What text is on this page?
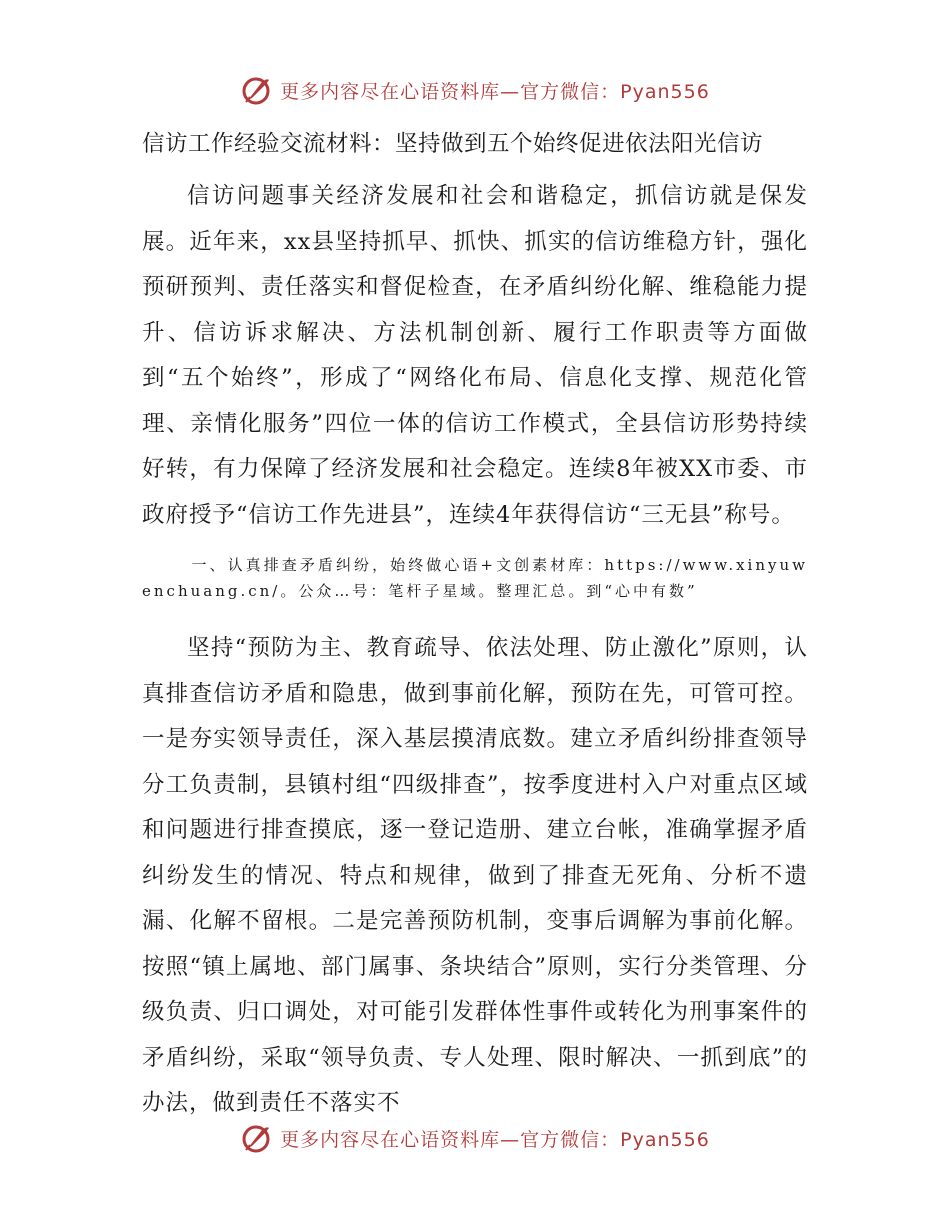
更多内容尽在心语资料库—官方微信：Pyan556
信访工作经验交流材料：坚持做到五个始终促进依法阳光信访

信访问题事关经济发展和社会和谐稳定，抓信访就是保发展。近年来，xx县坚持抓早、抓快、抓实的信访维稳方针，强化预研预判、责任落实和督促检查，在矛盾纠纷化解、维稳能力提升、信访诉求解决、方法机制创新、履行工作职责等方面做到“五个始终”，形成了“网络化布局、信息化支撑、规范化管理、亲情化服务”四位一体的信访工作模式，全县信访形势持续好转，有力保障了经济发展和社会稳定。连续8年被XX市委、市政府授予“信访工作先进县”，连续4年获得信访“三无县”称号。

一、认真排查矛盾纠纷，始终做心语+文创素材库：https://www.xinyuwenchuang.cn/。公众…号：笔杆子星域。整理汇总。到“心中有数”

坚持“预防为主、教育疏导、依法处理、防止激化”原则，认真排查信访矛盾和隐患，做到事前化解，预防在先，可管可控。一是夯实领导责任，深入基层摸清底数。建立矛盾纠纷排查领导分工负责制，县镇村组“四级排查”，按季度进村入户对重点区域和问题进行排查摸底，逐一登记造册、建立台帐，准确掌握矛盾纠纷发生的情况、特点和规律，做到了排查无死角、分析不遗漏、化解不留根。二是完善预防机制，变事后调解为事前化解。按照“镇上属地、部门属事、条块结合”原则，实行分类管理、分级负责、归口调处，对可能引发群体性事件或转化为刑事案件的矛盾纠纷，采取“领导负责、专人处理、限时解决、一抓到底”的办法，做到责任不落实不

更多内容尽在心语资料库—官方微信：Pyan556
